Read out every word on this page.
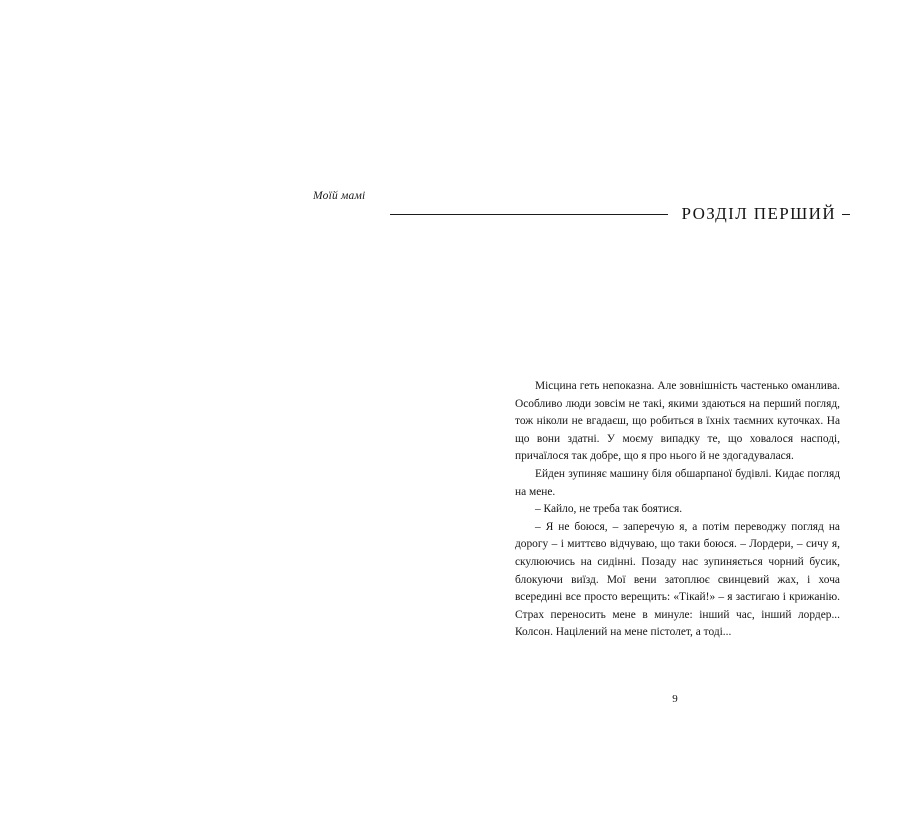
Моїй мамі
РОЗДІЛ ПЕРШИЙ

Місцина геть непоказна. Але зовнішність частенько оманлива. Особливо люди зовсім не такі, якими здаються на перший погляд, тож ніколи не вгадаєш, що робиться в їхніх таємних куточках. На що вони здатні. У моєму випадку те, що ховалося насподi, причаїлося так добре, що я про нього й не здогадувалася.

Ейден зупиняє машину біля обшарпаної будівлі. Кидає погляд на мене.

– Кайло, не треба так боятися.

– Я не боюся, – заперечую я, а потім переводжу погляд на дорогу – і миттєво відчуваю, що таки боюся. – Лордери, – сичу я, скулюючись на сидінні. Позаду нас зупиняється чорний бусик, блокуючи виїзд. Мої вени затоплює свинцевий жах, і хоча всередині все просто верещить: «Тікай!» – я застигаю і крижанію. Страх переносить мене в минуле: інший час, інший лордер... Колсон. Націлений на мене пістолет, а тоді...

9
